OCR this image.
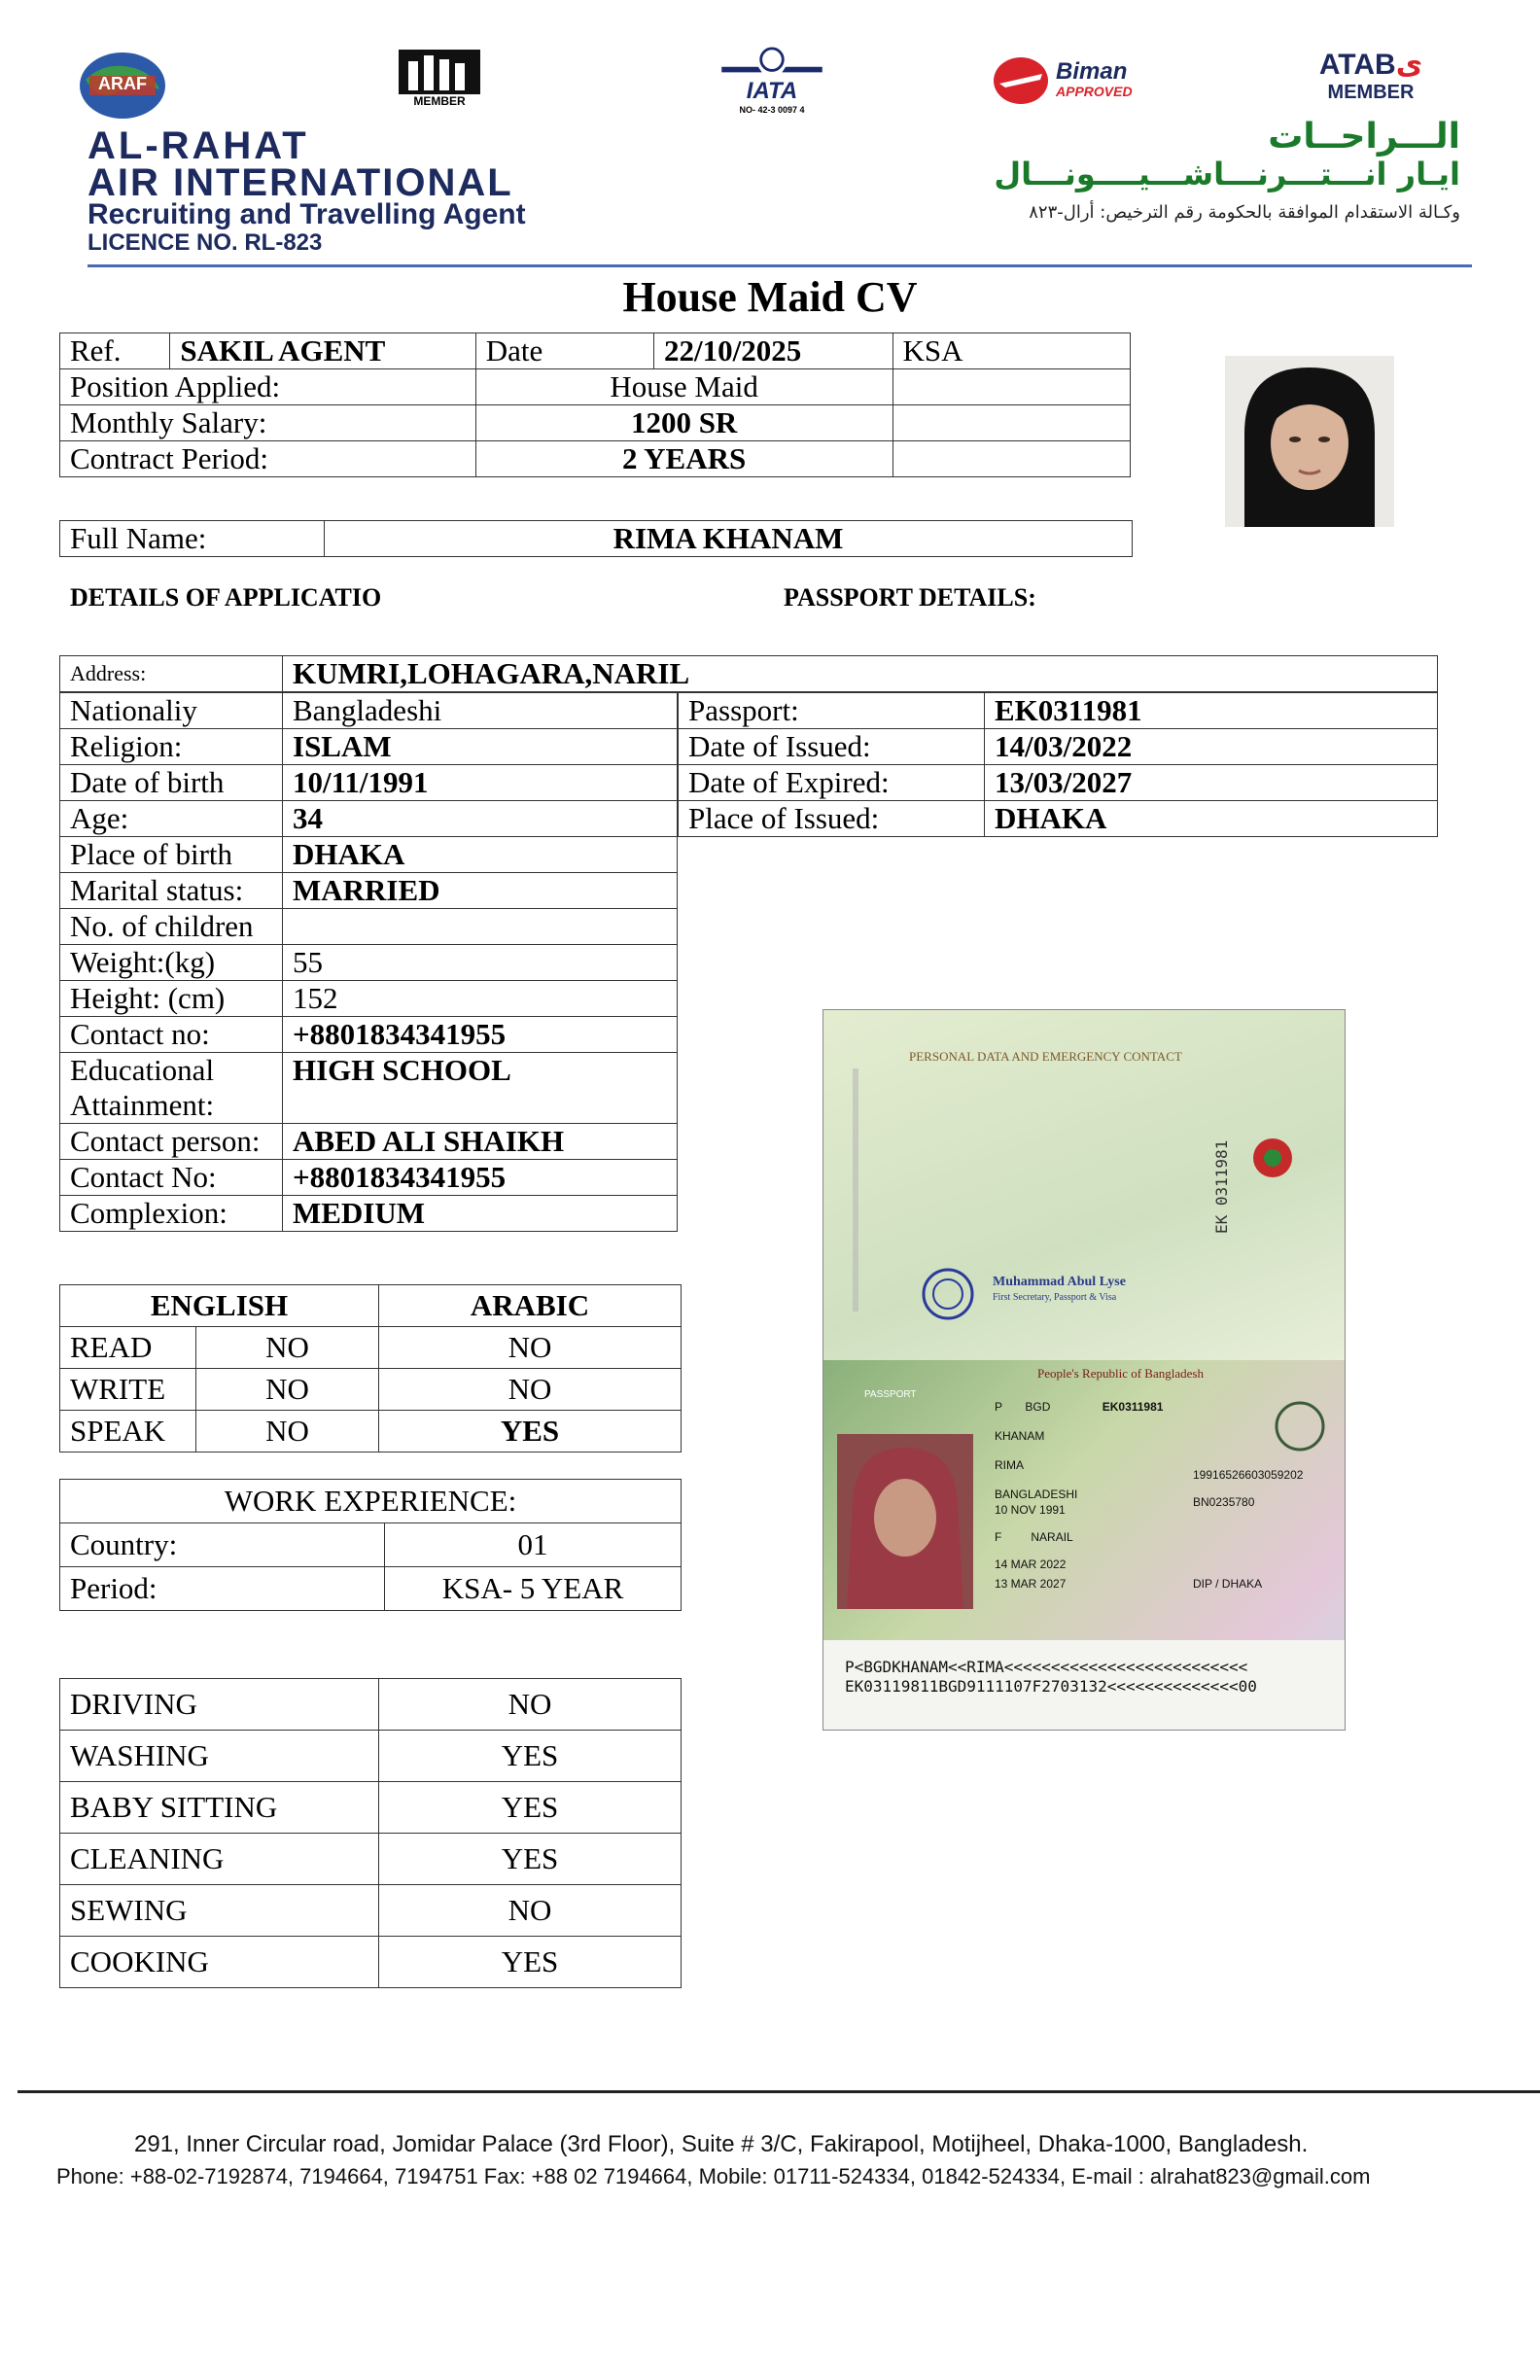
ARAF
MEMBER	IATA
NO- 42-3 0097 4
Biman
APPROVED
ATABﻯ
MEMBER
AL-RAHAT
AIR INTERNATIONAL
Recruiting and Travelling Agent
LICENCE NO. RL-823
الـــراحــات
ايـار انـــتـــرنـــاشـــيــــونـــال
وكـالة الاستقدام الموافقة بالحكومة رقم الترخيص: أرال-٨٢٣
House Maid CV
Ref.	SAKIL AGENT	Date	22/10/2025	KSA
Position Applied:		House Maid		
Monthly Salary:		1200 SR		
Contract Period:		2 YEARS		
Full Name:	RIMA KHANAM
DETAILS OF APPLICATIO	PASSPORT DETAILS:
Address:	KUMRI,LOHAGARA,NARIL
Nationaliy	Bangladeshi
Religion:	ISLAM
Date of birth	10/11/1991
Age:	34
Place of birth	DHAKA
Marital status:	MARRIED
No. of children	
Weight:(kg)	55
Height: (cm)	152
Contact no:	+8801834341955

Educational
Attainment:	HIGH SCHOOL
Contact person:	ABED ALI SHAIKH
Contact No:	+8801834341955
Complexion:	MEDIUM
Passport:	EK0311981
Date of Issued:	14/03/2022
Date of Expired:	13/03/2027
Place of Issued:	DHAKA
ENGLISH		ARABIC
READ	NO	NO
WRITE	NO	NO
SPEAK	NO	YES
WORK EXPERIENCE:	
Country:	01
Period:	KSA- 5 YEAR
DRIVING	NO
WASHING	YES
BABY SITTING	YES
CLEANING	YES
SEWING	NO
COOKING	YES
PERSONAL DATA AND EMERGENCY CONTACT
EK 0311981
Muhammad Abul Lyse
First Secretary, Passport & Visa
People's Republic of Bangladesh
PASSPORT
P BGD	EK0311981
KHANAM
RIMA
BANGLADESHI
10 NOV 1991
F	NARAIL
14 MAR 2022
13 MAR 2027
19916526603059202
BN0235780
DIP / DHAKA
P<BGDKHANAM<<RIMA<<<<<<<<<<<<<<<<<<<<<<<<<<
EK03119811BGD9111107F2703132<<<<<<<<<<<<<<00
291, Inner Circular road, Jomidar Palace (3rd Floor), Suite # 3/C, Fakirapool, Motijheel, Dhaka-1000, Bangladesh.
Phone: +88-02-7192874, 7194664, 7194751 Fax: +88 02 7194664, Mobile: 01711-524334, 01842-524334, E-mail : alrahat823@gmail.com
